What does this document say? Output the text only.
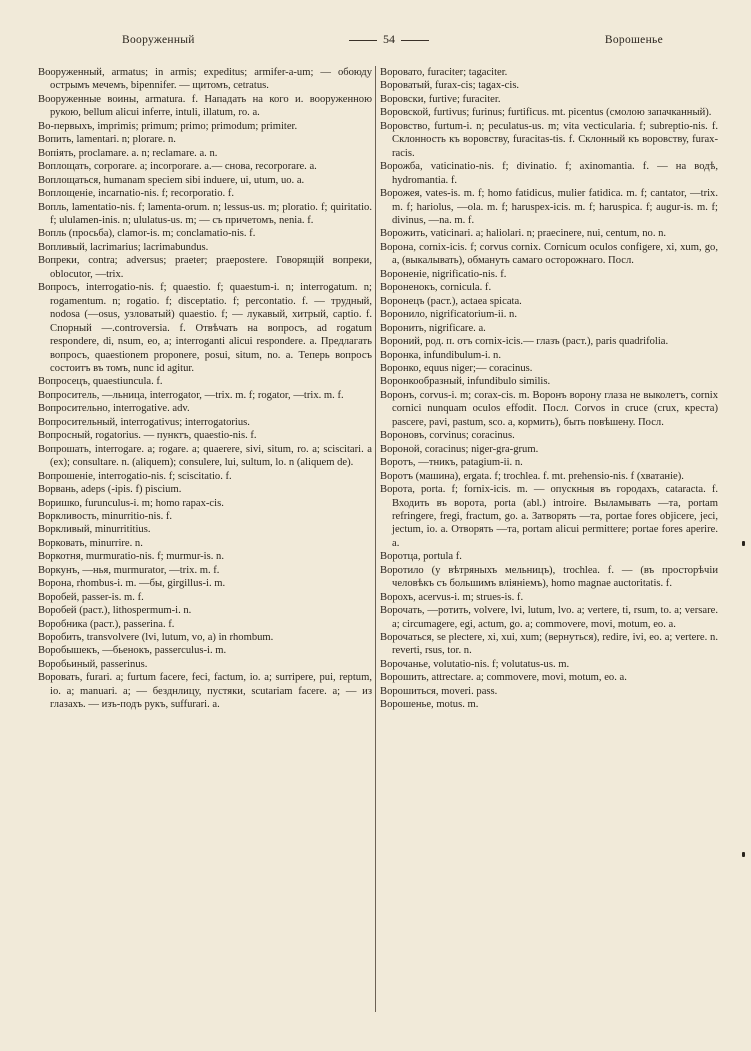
Вооруженный	54	Ворошенье

Вооруженный, armatus; in armis; expeditus; armifer-a-um; — обоюду острымъ мечемъ, bipennifer. — щитомъ, cetratus.

Вооруженные воины, armatura. f. Нападать на кого и. вооруженною рукою, bellum alicui inferre, intuli, illatum, ro. a.

Во-первыхъ, imprimis; primum; primo; primodum; primiter.

Вопить, lamentari. n; plorare. n.

Вопiять, proclamare. a. n; reclamare. a. n.

Воплощать, corporare. a; incorporare. a.— снова, recorporare. a.

Воплощаться, humanam speciem sibi induere, ui, utum, uo. a.

Воплощенiе, incarnatio-nis. f; recorporatio. f.

Вопль, lamentatio-nis. f; lamenta-orum. n; lessus-us. m; ploratio. f; quiritatio. f; ululamen-inis. n; ululatus-us. m; — съ причетомъ, nenia. f.

Вопль (просьба), clamor-is. m; conclamatio-nis. f.

Вопливый, lacrimarius; lacrimabundus.

Вопреки, contra; adversus; praeter; praeposterе. Говорящiй вопреки, oblocutor, —trix.

Вопросъ, interrogatio-nis. f; quaestio. f; quaestum-i. n; interrogatum. n; rogamentum. n; rogatio. f; disceptatio. f; percontatio. f. — трудный, nodosa (—osus, узловатый) quaestio. f; — лукавый, хитрый, captio. f. Спорный —.controversia. f. Отвѣчать на вопросъ, ad rogatum respondere, di, nsum, eo, a; interroganti alicui respondere. a. Предлагать вопросъ, quaestionem proponere, posui, situm, no. a. Теперь вопросъ состоитъ въ томъ, nunc id agitur.

Вопросецъ, quaestiuncula. f.

Вопроситель, —льница, interrogator, —trix. m. f; rogator, —trix. m. f.

Вопросительно, interrogative. adv.

Вопросительный, interrogativus; interrogatorius.

Вопросный, rogatorius. — пунктъ, quaestio-nis. f.

Вопрошать, interrogare. a; rogare. a; quaerere, sivi, situm, ro. a; sciscitari. a (ex); consultare. n. (aliquem); consulere, lui, sultum, lo. n (aliquem de).

Вопрошенiе, interrogatio-nis. f; sciscitatio. f.

Ворвань, adeps (-ipis. f) piscium.

Воришко, furunculus-i. m; homo rapax-cis.

Воркливость, minurritio-nis. f.

Воркливый, minurrititius.

Ворковать, minurrire. n.

Воркотня, murmuratio-nis. f; murmur-is. n.

Воркунъ, —нья, murmurator, —trix. m. f.

Ворона, rhombus-i. m. —бы, girgillus-i. m.

Воробей, passer-is. m. f.

Воробей (раст.), lithospermum-i. n.

Воробника (раст.), passerina. f.

Воробить, transvolvere (lvi, lutum, vo, a) in rhombum.

Воробышекъ, —бьенокъ, passerculus-i. m.

Воробьиный, passerinus.

Воровать, furari. a; furtum facere, feci, factum, io. a; surripere, pui, reptum, io. a; manuari. a; — безднлицу, пустяки, scutariam facere. a; — из глазахъ. — изъ-подъ рукъ, suffurari. a.

Воровато, furaciter; tagaciter.

Вороватый, furax-cis; tagax-cis.

Воровски, furtive; furaciter.

Воровской, furtivus; furinus; furtificus. mt. picentus (смолою запачканный).

Воровство, furtum-i. n; peculatus-us. m; vita vecticularia. f; subreptio-nis. f. Склонность къ воровству, furacitas-tis. f. Склонный къ воровству, furax-racis.

Ворожба, vaticinatio-nis. f; divinatio. f; axinomantia. f. — на водѣ, hydromantia. f.

Ворожея, vates-is. m. f; homo fatidicus, mulier fatidica. m. f; cantator, —trix. m. f; hariolus, —ola. m. f; haruspex-icis. m. f; haruspica. f; augur-is. m. f; divinus, —na. m. f.

Ворожить, vaticinari. a; haliolari. n; praecinere, nui, centum, no. n.

Ворона, cornix-icis. f; corvus cornix. Cornicum oculos configere, xi, xum, go, a, (выкалывать), обмануть самаго осторожнаго. Посл.

Вороненiе, nigrificatio-nis. f.

Вороненокъ, cornicula. f.

Воронецъ (раст.), actaea spicata.

Воронило, nigrificatorium-ii. n.

Воронить, nigrificare. a.

Вороний, род. п. отъ cornix-icis.— глазъ (раст.), paris quadrifolia.

Воронка, infundibulum-i. n.

Воронко, equus niger;— coracinus.

Воронкообразный, infundibulo similis.

Воронъ, corvus-i. m; corax-cis. m. Воронъ ворону глаза не выколетъ, cornix cornici nunquam oculos effodit. Посл. Corvos in cruce (crux, креста) pascere, pavi, pastum, sco. a, кормить), быть повѣшену. Посл.

Вороновъ, corvinus; coracinus.

Вороной, coracinus; niger-gra-grum.

Воротъ, —тникъ, patagium-ii. n.

Воротъ (машина), ergata. f; trochlea. f. mt. prehensio-nis. f (хватанiе).

Ворота, porta. f; fornix-icis. m. — опускныя въ городахъ, cataracta. f. Входить въ ворота, porta (abl.) introire. Выламывать —та, portam refringere, fregi, fractum, go. a. Затворять —та, portae fores objicere, jeci, jectum, io. a. Отворять —та, portam alicui permittere; portae fores aperire. a.

Воротца, portula f.

Воротило (у вѣтряныхъ мельницъ), trochlea. f. — (въ просторѣчiи человѣкъ съ большимъ влiянiемъ), homo magnae auctoritatis. f.

Ворохъ, acervus-i. m; strues-is. f.

Ворочать, —ротить, volvere, lvi, lutum, lvo. a; vertere, ti, rsum, to. a; versare. a; circumagere, egi, actum, go. a; commovere, movi, motum, eo. a.

Ворочаться, se plectere, xi, xui, xum; (вернуться), redire, ivi, eo. a; vertere. n. reverti, rsus, tor. n.

Ворочанье, volutatio-nis. f; volutatus-us. m.

Ворошить, attrectare. a; commovere, movi, motum, eo. a.

Ворошиться, moveri. pass.

Ворошенье, motus. m.
